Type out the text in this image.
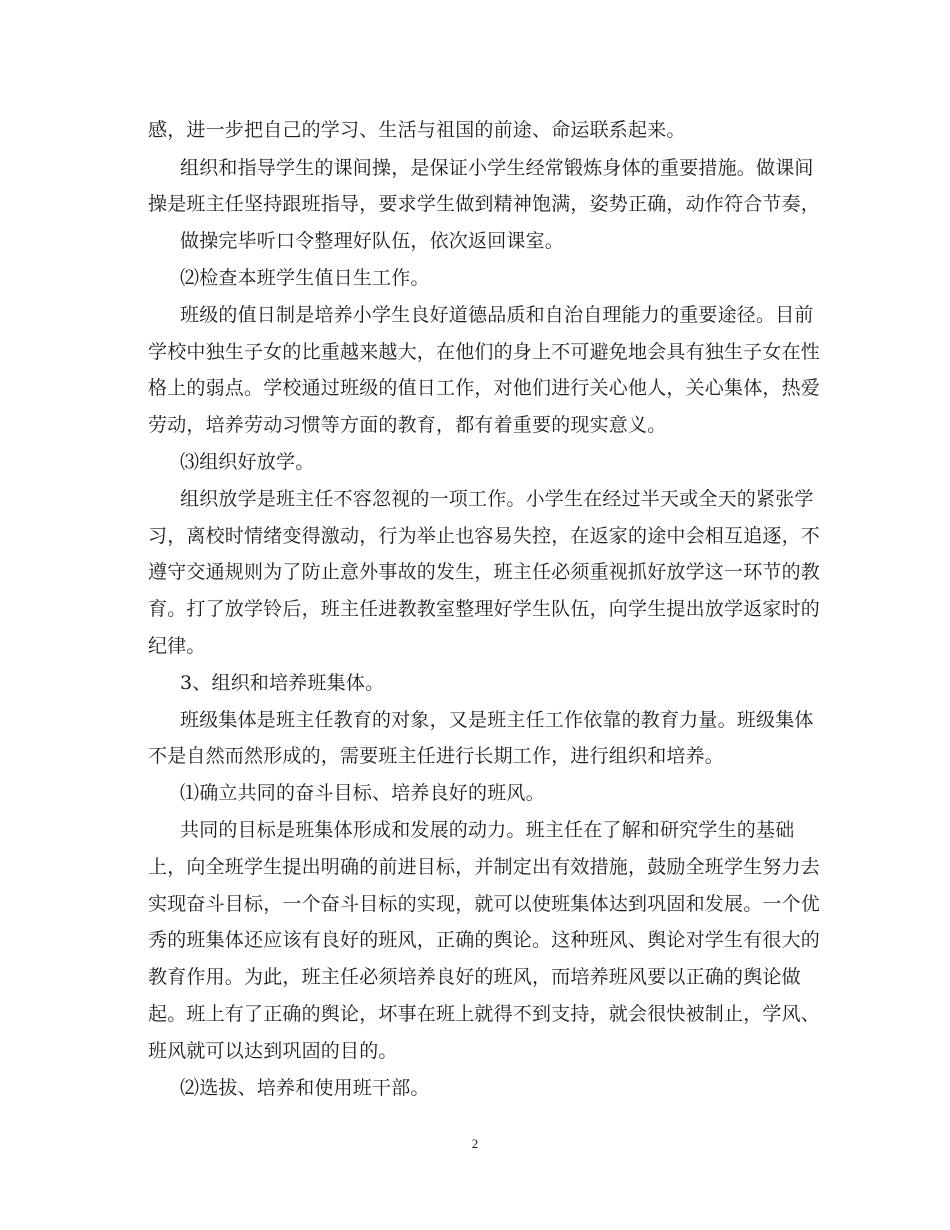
感，进一步把自己的学习、生活与祖国的前途、命运联系起来。
组织和指导学生的课间操，是保证小学生经常锻炼身体的重要措施。做课间
操是班主任坚持跟班指导，要求学生做到精神饱满，姿势正确，动作符合节奏，
做操完毕听口令整理好队伍，依次返回课室。
⑵检查本班学生值日生工作。
班级的值日制是培养小学生良好道德品质和自治自理能力的重要途径。目前
学校中独生子女的比重越来越大，在他们的身上不可避免地会具有独生子女在性
格上的弱点。学校通过班级的值日工作，对他们进行关心他人，关心集体，热爱
劳动，培养劳动习惯等方面的教育，都有着重要的现实意义。
⑶组织好放学。
组织放学是班主任不容忽视的一项工作。小学生在经过半天或全天的紧张学
习，离校时情绪变得激动，行为举止也容易失控，在返家的途中会相互追逐，不
遵守交通规则为了防止意外事故的发生，班主任必须重视抓好放学这一环节的教
育。打了放学铃后，班主任进教教室整理好学生队伍，向学生提出放学返家时的
纪律。
3、组织和培养班集体。
班级集体是班主任教育的对象，又是班主任工作依靠的教育力量。班级集体
不是自然而然形成的，需要班主任进行长期工作，进行组织和培养。
⑴确立共同的奋斗目标、培养良好的班风。
共同的目标是班集体形成和发展的动力。班主任在了解和研究学生的基础
上，向全班学生提出明确的前进目标，并制定出有效措施，鼓励全班学生努力去
实现奋斗目标，一个奋斗目标的实现，就可以使班集体达到巩固和发展。一个优
秀的班集体还应该有良好的班风，正确的舆论。这种班风、舆论对学生有很大的
教育作用。为此，班主任必须培养良好的班风，而培养班风要以正确的舆论做
起。班上有了正确的舆论，坏事在班上就得不到支持，就会很快被制止，学风、
班风就可以达到巩固的目的。
⑵选拔、培养和使用班干部。
2
